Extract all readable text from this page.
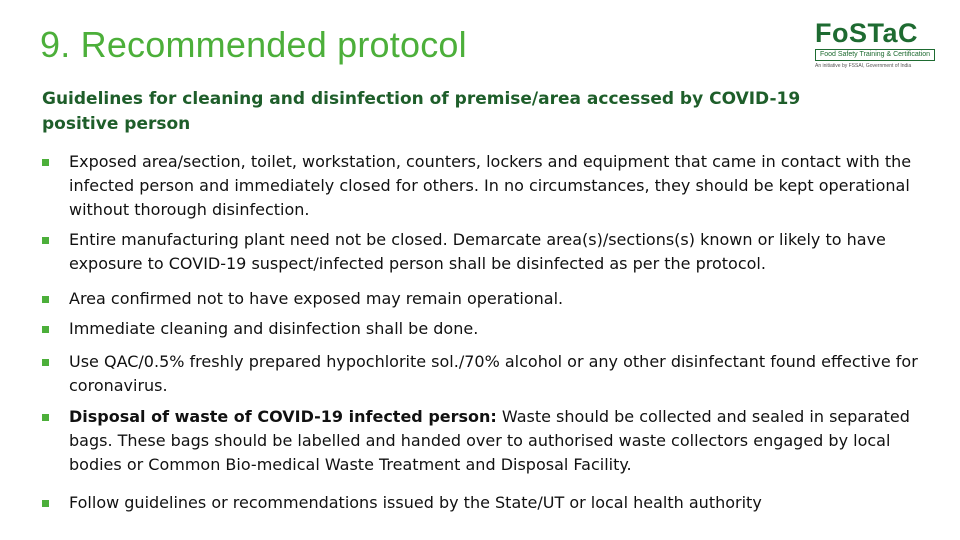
9. Recommended protocol	FoSTaC
Food Safety Training & Certification
An initiative by FSSAI, Government of India
Guidelines for cleaning and disinfection of premise/area accessed by COVID-19 positive person
Exposed area/section, toilet, workstation, counters, lockers and equipment that came in contact with the infected person and immediately closed for others. In no circumstances, they should be kept operational without thorough disinfection.
Entire manufacturing plant need not be closed. Demarcate area(s)/sections(s) known or likely to have exposure to COVID-19 suspect/infected person shall be disinfected as per the protocol.
Area confirmed not to have exposed may remain operational.
Immediate cleaning and disinfection shall be done.
Use QAC/0.5% freshly prepared hypochlorite sol./70% alcohol or any other disinfectant found effective for coronavirus.
Disposal of waste of COVID-19 infected person: Waste should be collected and sealed in separated bags. These bags should be labelled and handed over to authorised waste collectors engaged by local bodies or Common Bio-medical Waste Treatment and Disposal Facility.
Follow guidelines or recommendations issued by the State/UT or local health authority
